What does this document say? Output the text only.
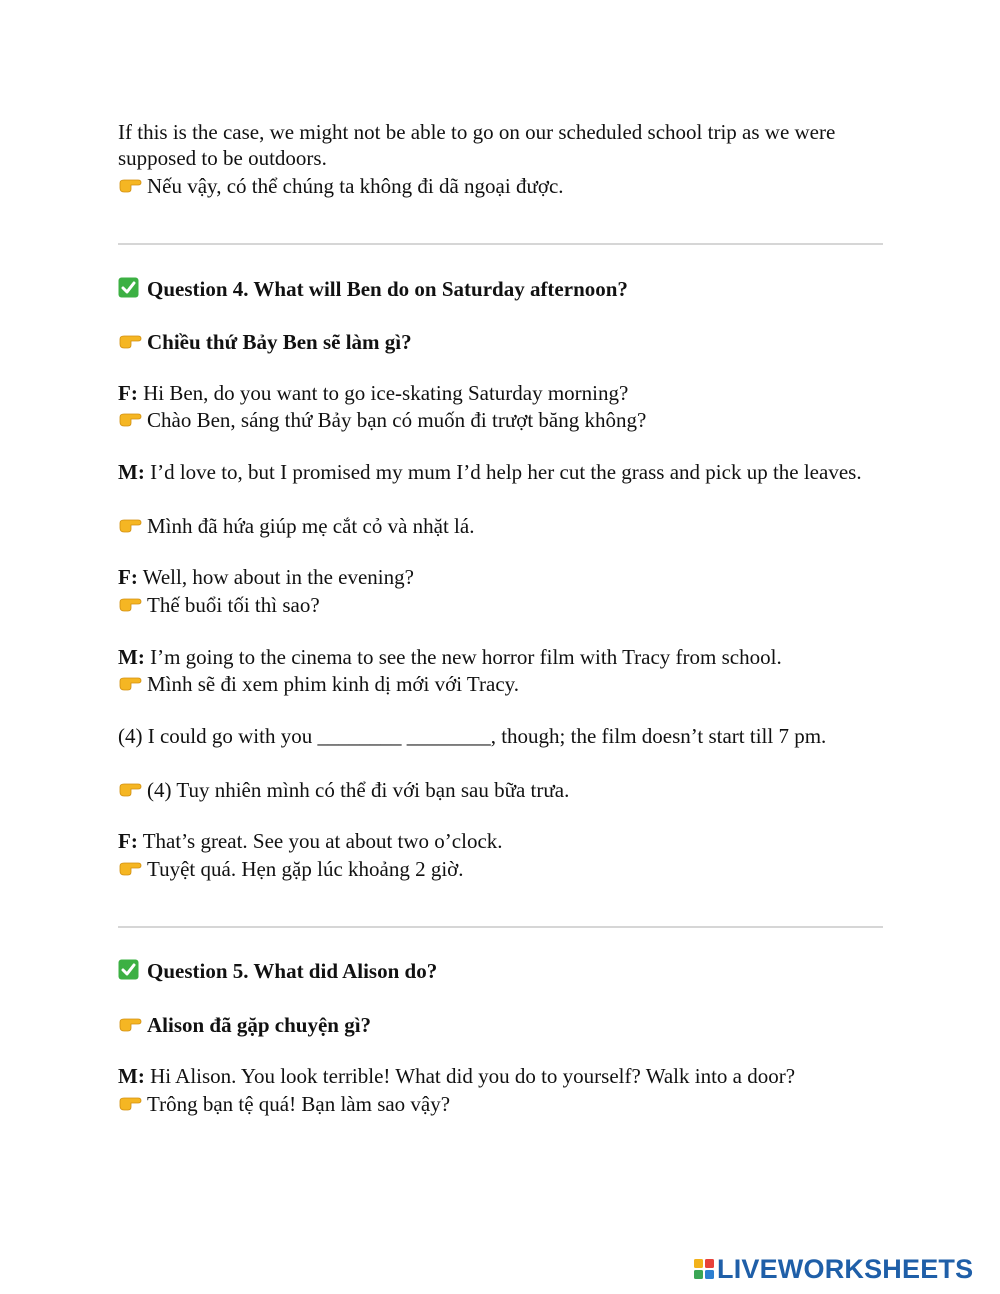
If this is the case, we might not be able to go on our scheduled school trip as we were supposed to be outdoors.
Nếu vậy, có thể chúng ta không đi dã ngoại được.
Question 4. What will Ben do on Saturday afternoon?
Chiều thứ Bảy Ben sẽ làm gì?
F: Hi Ben, do you want to go ice-skating Saturday morning?
Chào Ben, sáng thứ Bảy bạn có muốn đi trượt băng không?
M: I’d love to, but I promised my mum I’d help her cut the grass and pick up the leaves.
Mình đã hứa giúp mẹ cắt cỏ và nhặt lá.
F: Well, how about in the evening?
Thế buổi tối thì sao?
M: I’m going to the cinema to see the new horror film with Tracy from school.
Mình sẽ đi xem phim kinh dị mới với Tracy.
(4) I could go with you ________ ________, though; the film doesn’t start till 7 pm.
(4) Tuy nhiên mình có thể đi với bạn sau bữa trưa.
F: That’s great. See you at about two o’clock.
Tuyệt quá. Hẹn gặp lúc khoảng 2 giờ.
Question 5. What did Alison do?
Alison đã gặp chuyện gì?
M: Hi Alison. You look terrible! What did you do to yourself? Walk into a door?
Trông bạn tệ quá! Bạn làm sao vậy?
LIVEWORKSHEETS
